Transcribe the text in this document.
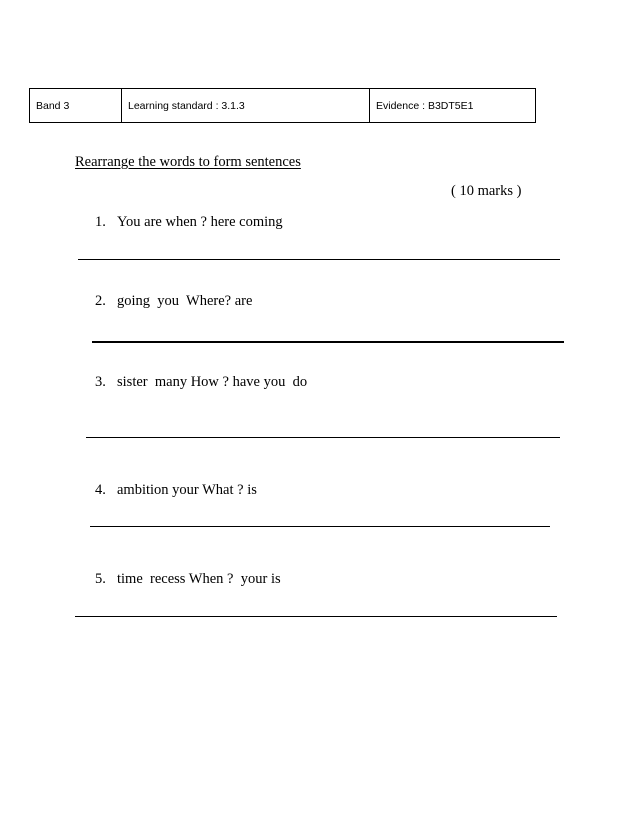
Band 3	Learning standard : 3.1.3	Evidence : B3DT5E1
Rearrange the words to form sentences
( 10 marks )
1. You are when ? here coming
2. going  you  Where? are
3. sister  many How ? have you  do
4. ambition your What ? is
5. time  recess When ?  your is
